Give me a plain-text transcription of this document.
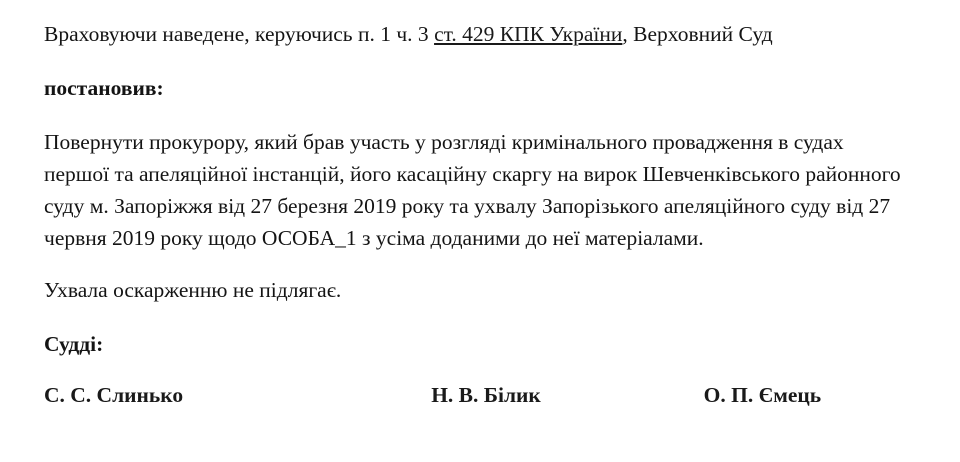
Враховуючи наведене, керуючись п. 1 ч. 3 ст. 429 КПК України, Верховний Суд

постановив:

Повернути прокурору, який брав участь у розгляді кримінального провадження в судах першої та апеляційної інстанцій, його касаційну скаргу на вирок Шевченківського районного суду м. Запоріжжя від 27 березня 2019 року та ухвалу Запорізького апеляційного суду від 27 червня 2019 року щодо ОСОБА_1 з усіма доданими до неї матеріалами.

Ухвала оскарженню не підлягає.

Судді:

С. С. Слинько	Н. В. Білик	О. П. Ємець
